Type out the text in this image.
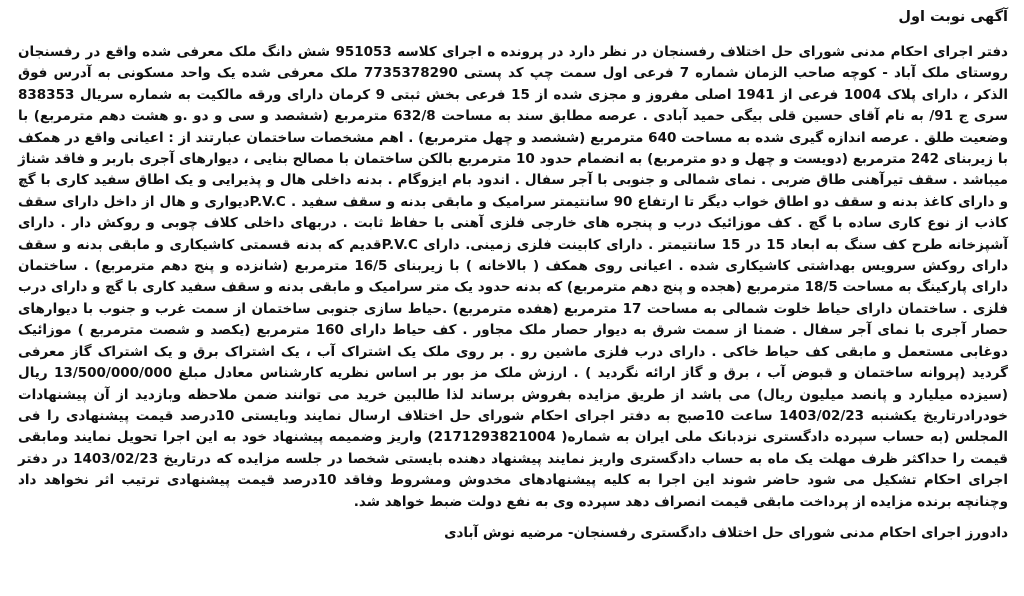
آگهی نوبت اول

دفتر اجرای احکام مدنی شورای حل اختلاف رفسنجان در نظر دارد در پرونده ه اجرای کلاسه 951053 شش دانگ ملک معرفی شده واقع در رفسنجان روستای ملک آباد - کوچه صاحب الزمان شماره 7 فرعی اول سمت چپ کد پستی 7735378290 ملک معرفی شده یک واحد مسکونی به آدرس فوق الذکر ، دارای پلاک 1004 فرعی از 1941 اصلی مفروز و مجزی شده از 15 فرعی بخش ثبتی 9 کرمان دارای ورقه مالکیت به شماره سریال 838353 سری ج 91/ به نام آقای حسین قلی بیگی حمید آبادی . عرصه مطابق سند به مساحت 632/8 مترمربع (ششصد و سی و دو .و هشت دهم مترمربع) با وضعیت طلق . عرصه اندازه گیری شده به مساحت 640 مترمربع (ششصد و چهل مترمربع) . اهم مشخصات ساختمان عبارتند از : اعیانی واقع در همکف با زیربنای 242 مترمربع (دویست و چهل و دو مترمربع) به انضمام حدود 10 مترمربع بالکن ساختمان با مصالح بنایی ، دیوارهای آجری باربر و فاقد شناژ میباشد . سقف تیرآهنی طاق ضربی . نمای شمالی و جنوبی با آجر سفال . اندود بام ایزوگام . بدنه داخلی هال و پذیرایی و یک اطاق سفید کاری با گچ و دارای کاغذ بدنه و سقف دو اطاق خواب دیگر تا ارتفاع 90 سانتیمتر سرامیک و مابقی بدنه و سقف سفید . P.V.Cدیواری و هال از داخل دارای سقف کاذب از نوع کاری ساده با گچ . کف موزائیک درب و پنجره های خارجی فلزی آهنی با حفاظ ثابت . دربهای داخلی کلاف چوبی و روکش دار . دارای آشپزخانه طرح کف سنگ به ابعاد 15 در 15 سانتیمتر . دارای کابینت فلزی زمینی. دارای P.V.Cقدیم که بدنه قسمتی کاشیکاری و مابقی بدنه و سقف دارای روکش سرویس بهداشتی کاشیکاری شده . اعیانی روی همکف ( بالاخانه ) با زیربنای 16/5 مترمربع (شانزده و پنج دهم مترمربع) . ساختمان دارای پارکینگ به مساحت 18/5 مترمربع (هجده و پنج دهم مترمربع) که بدنه حدود یک متر سرامیک و مابقی بدنه و سقف سفید کاری با گچ و دارای درب فلزی . ساختمان دارای حیاط خلوت شمالی به مساحت 17 مترمربع (هفده مترمربع) .حیاط سازی جنوبی ساختمان از سمت غرب و جنوب با دیوارهای حصار آجری با نمای آجر سفال . ضمنا از سمت شرق به دیوار حصار ملک مجاور . کف حیاط دارای 160 مترمربع (یکصد و شصت مترمربع ) موزائیک دوغابی مستعمل و مابقی کف حیاط خاکی . دارای درب فلزی ماشین رو . بر روی ملک یک اشتراک آب ، یک اشتراک برق و یک اشتراک گاز معرفی گردید (پروانه ساختمان و قبوض آب ، برق و گاز ارائه نگردید ) . ارزش ملک مز بور بر اساس نظریه کارشناس معادل مبلغ 13/500/000/000 ریال (سیزده میلیارد و پانصد میلیون ریال) می باشد از طریق مزایده بفروش برساند لذا طالبین خرید می توانند ضمن ملاحظه وبازدید از آن پیشنهادات خودرادرتاریخ یکشنبه 1403/02/23 ساعت 10صبح به دفتر اجرای احکام شورای حل اختلاف ارسال نمایند وبایستی 10درصد قیمت پیشنهادی را فی المجلس (به حساب سپرده دادگستری نزدبانک ملی ایران به شماره( 2171293821004) واریز وضمیمه پیشنهاد خود به این اجرا تحویل نمایند ومابقی قیمت را حداکثر ظرف مهلت یک ماه به حساب دادگستری واریز نمایند پیشنهاد دهنده بایستی شخصا در جلسه مزایده که درتاریخ 1403/02/23 در دفتر اجرای احکام تشکیل می شود حاضر شوند این اجرا به کلیه پیشنهادهای مخدوش ومشروط وفاقد 10درصد قیمت پیشنهادی ترتیب اثر نخواهد داد وچنانچه برنده مزایده از پرداخت مابقی قیمت انصراف دهد سپرده وی به نفع دولت ضبط خواهد شد.

دادورز اجرای احکام مدنی شورای حل اختلاف دادگستری رفسنجان- مرضیه نوش آبادی
